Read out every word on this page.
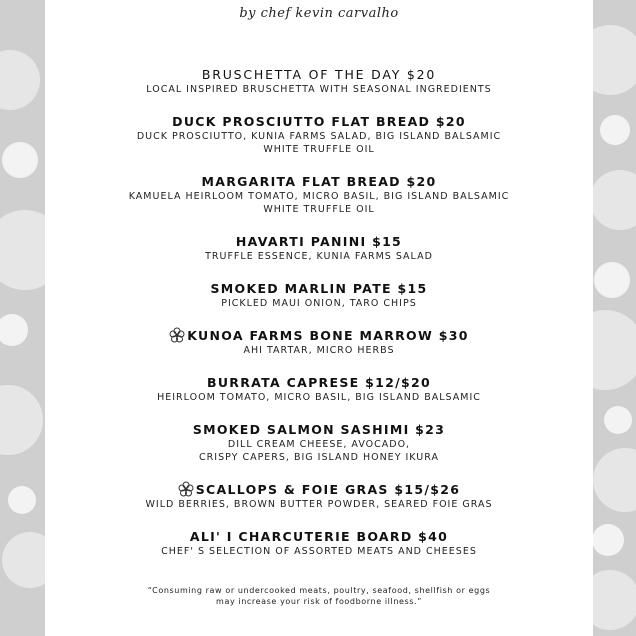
by chef kevin carvalho
BRUSCHETTA OF THE DAY $20
LOCAL INSPIRED BRUSCHETTA WITH SEASONAL INGREDIENTS
DUCK PROSCIUTTO FLAT BREAD $20
DUCK PROSCIUTTO, KUNIA FARMS SALAD, BIG ISLAND BALSAMIC
WHITE TRUFFLE OIL
MARGARITA FLAT BREAD $20
KAMUELA HEIRLOOM TOMATO, MICRO BASIL, BIG ISLAND BALSAMIC
WHITE TRUFFLE OIL
HAVARTI PANINI $15
TRUFFLE ESSENCE, KUNIA FARMS SALAD
SMOKED MARLIN PATE $15
PICKLED MAUI ONION, TARO CHIPS
KUNOA FARMS BONE MARROW $30
AHI TARTAR, MICRO HERBS
BURRATA CAPRESE $12/$20
HEIRLOOM TOMATO, MICRO BASIL, BIG ISLAND BALSAMIC
SMOKED SALMON SASHIMI $23
DILL CREAM CHEESE, AVOCADO,
CRISPY CAPERS, BIG ISLAND HONEY IKURA
SCALLOPS & FOIE GRAS $15/$26
WILD BERRIES, BROWN BUTTER POWDER, SEARED FOIE GRAS
ALI' I CHARCUTERIE BOARD $40
CHEF' S SELECTION OF ASSORTED MEATS AND CHEESES
“Consuming raw or undercooked meats, poultry, seafood, shellfish or eggs
may increase your risk of foodborne illness.”
